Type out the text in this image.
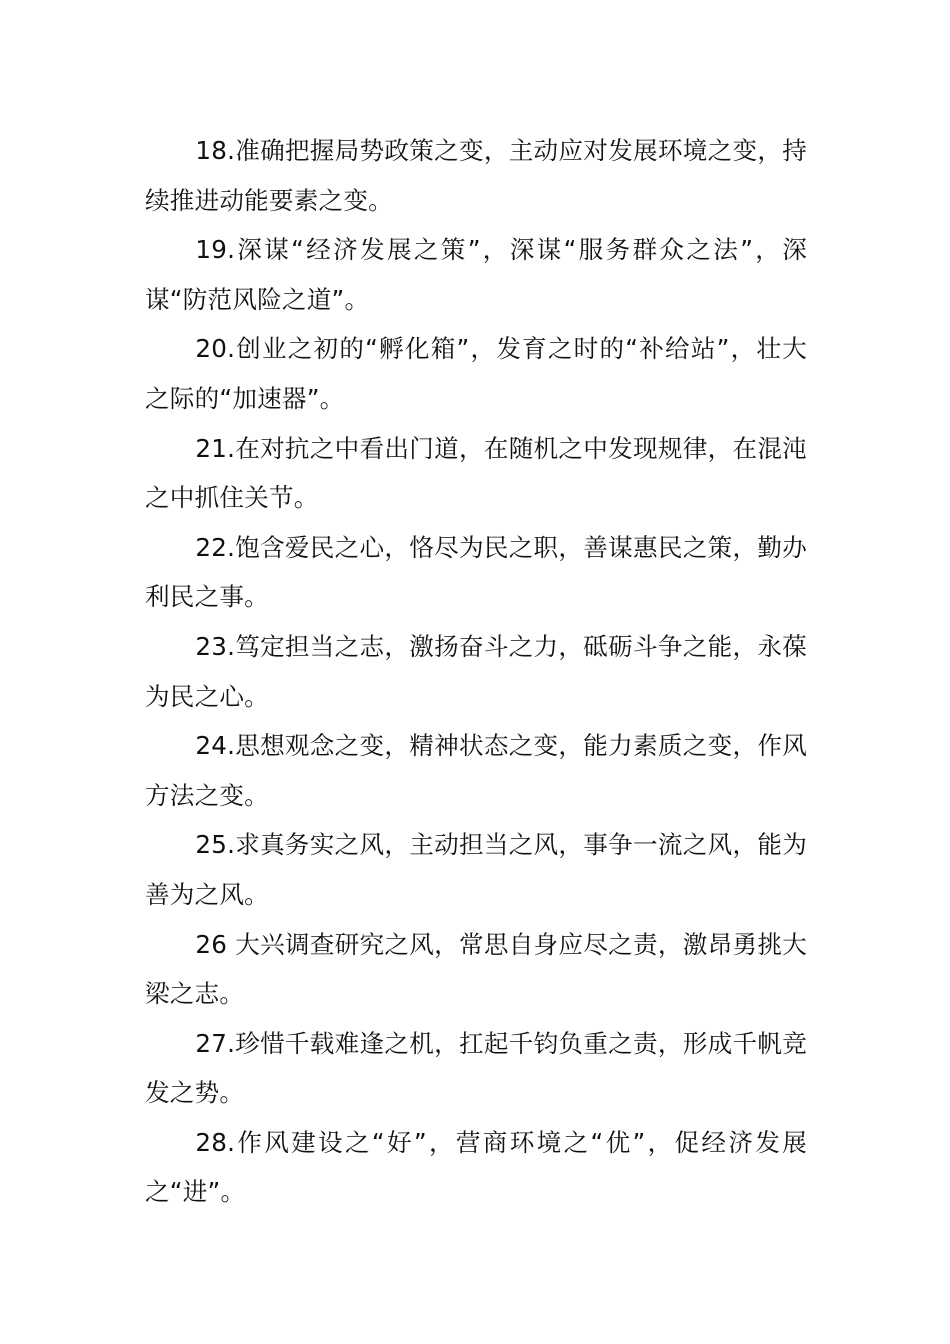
18.准确把握局势政策之变，主动应对发展环境之变，持续推进动能要素之变。

19.深谋“经济发展之策”，深谋“服务群众之法”，深谋“防范风险之道”。

20.创业之初的“孵化箱”，发育之时的“补给站”，壮大之际的“加速器”。

21.在对抗之中看出门道，在随机之中发现规律，在混沌之中抓住关节。

22.饱含爱民之心，恪尽为民之职，善谋惠民之策，勤办利民之事。

23.笃定担当之志，激扬奋斗之力，砥砺斗争之能，永葆为民之心。

24.思想观念之变，精神状态之变，能力素质之变，作风方法之变。

25.求真务实之风，主动担当之风，事争一流之风，能为善为之风。

26 大兴调查研究之风，常思自身应尽之责，激昂勇挑大梁之志。

27.珍惜千载难逢之机，扛起千钧负重之责，形成千帆竞发之势。

28.作风建设之“好”，营商环境之“优”，促经济发展之“进”。
